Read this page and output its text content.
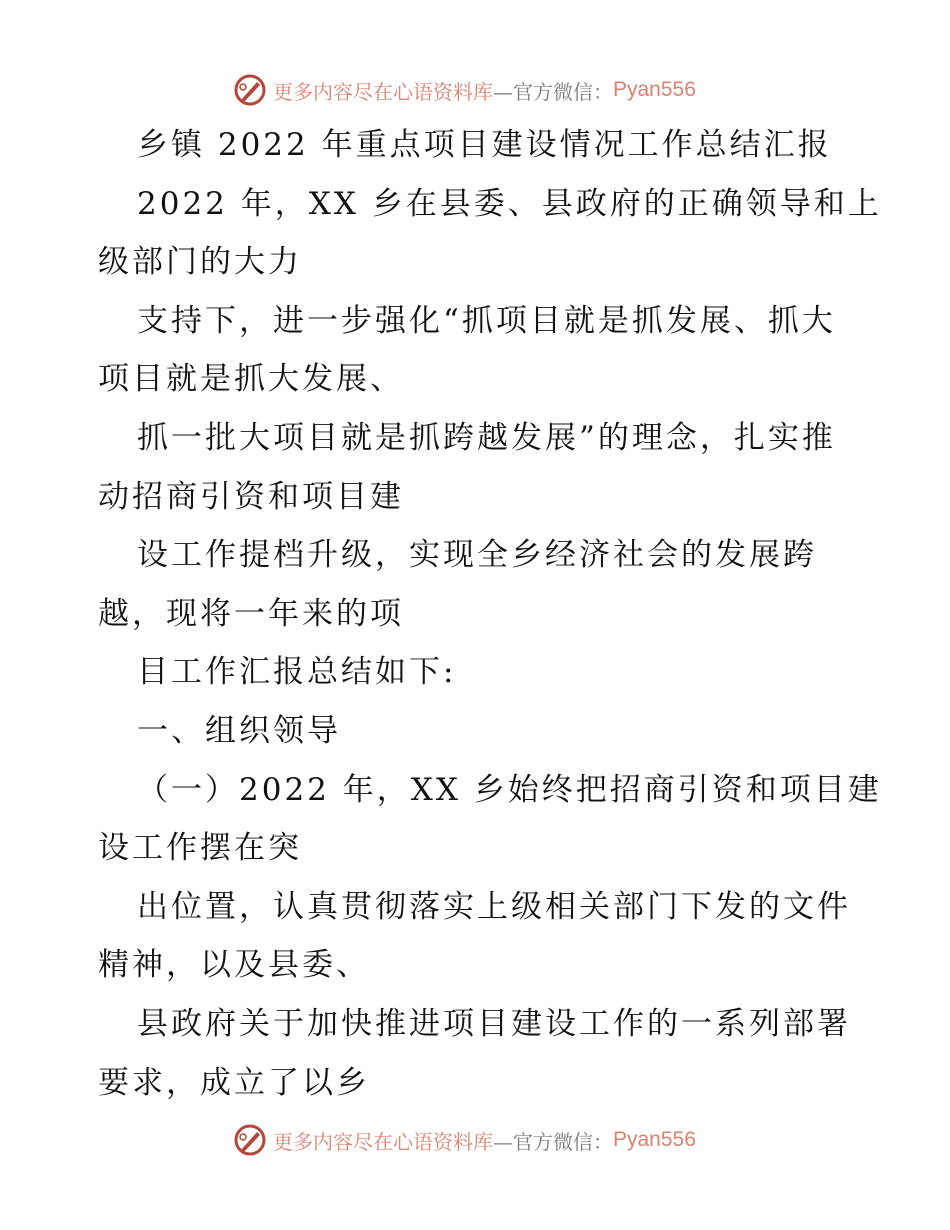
更多内容尽在心语资料库 —官方微信： Pyan556
乡镇 2022 年重点项目建设情况工作总结汇报
2022 年，XX 乡在县委、县政府的正确领导和上
级部门的大力
支持下，进一步强化“抓项目就是抓发展、抓大
项目就是抓大发展、
抓一批大项目就是抓跨越发展”的理念，扎实推
动招商引资和项目建
设工作提档升级，实现全乡经济社会的发展跨
越，现将一年来的项
目工作汇报总结如下:
一、组织领导
（一）2022 年，XX 乡始终把招商引资和项目建
设工作摆在突
出位置，认真贯彻落实上级相关部门下发的文件
精神，以及县委、
县政府关于加快推进项目建设工作的一系列部署
要求，成立了以乡
更多内容尽在心语资料库 —官方微信： Pyan556
